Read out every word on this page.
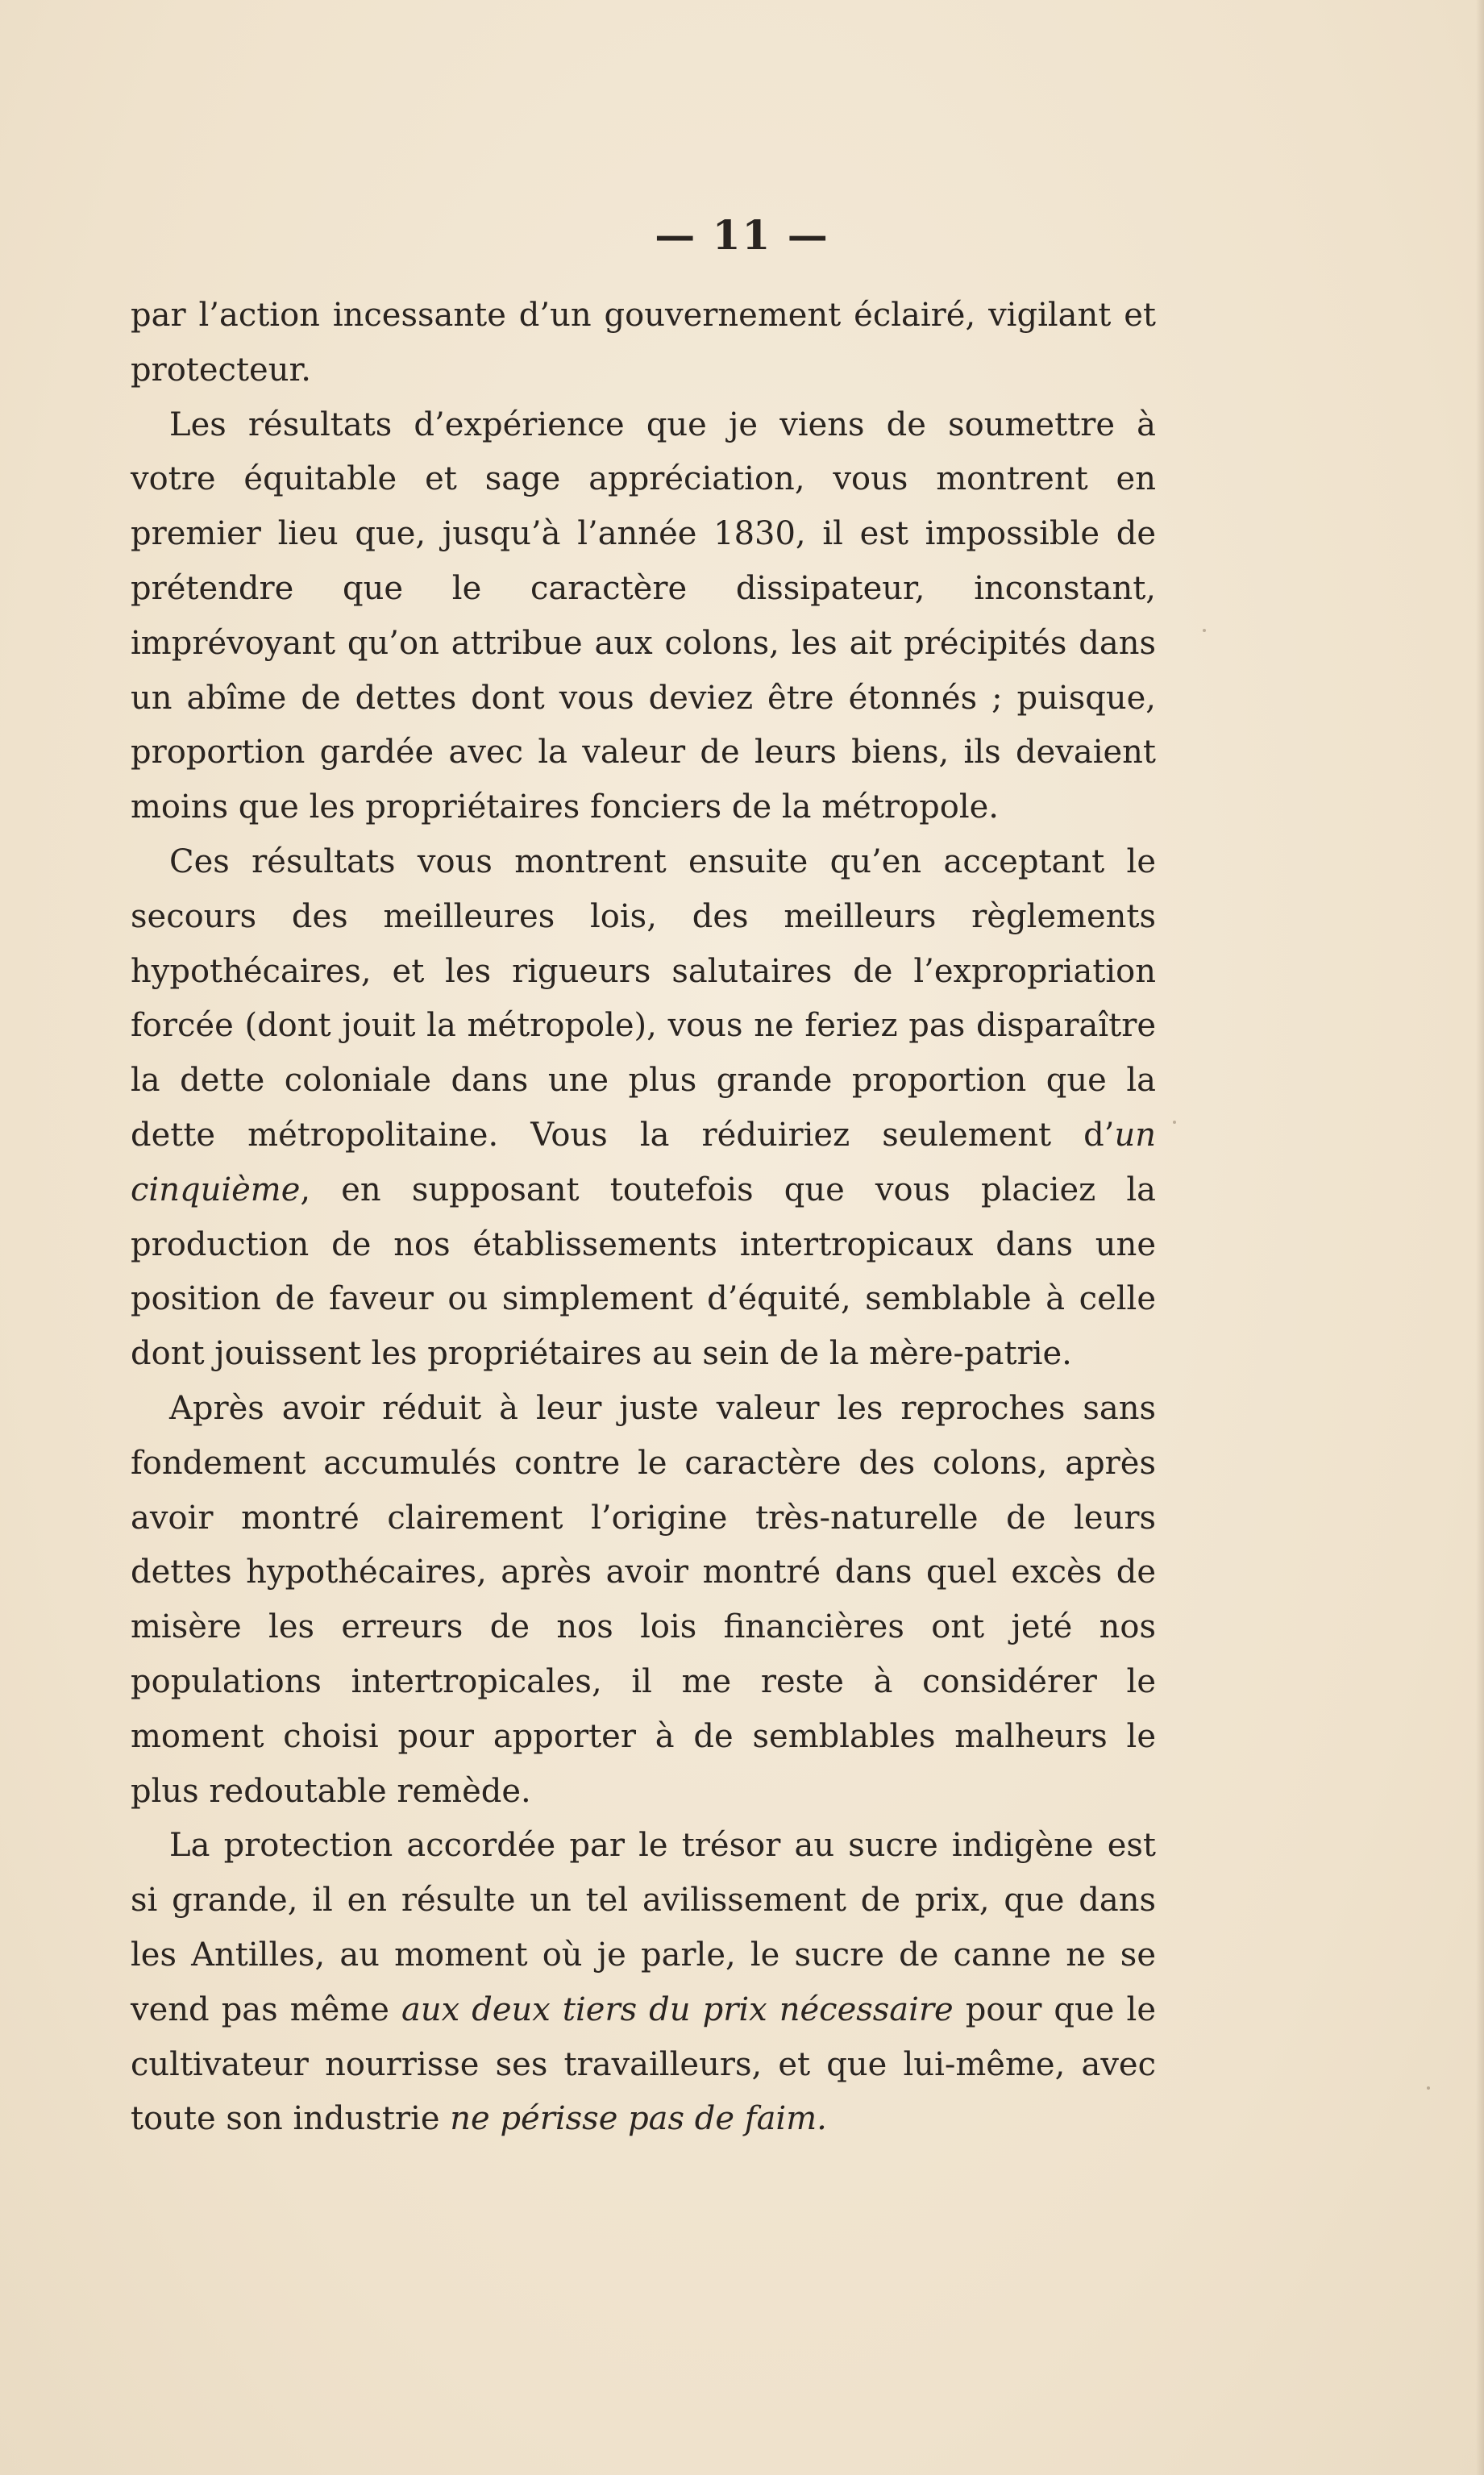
— 11 —

par l’action incessante d’un gouvernement éclairé, vigilant et protecteur.

Les résultats d’expérience que je viens de soumettre à votre équitable et sage appréciation, vous montrent en premier lieu que, jusqu’à l’année 1830, il est impossible de prétendre que le caractère dissipateur, inconstant, imprévoyant qu’on attribue aux colons, les ait précipités dans un abîme de dettes dont vous deviez être étonnés ; puisque, proportion gardée avec la valeur de leurs biens, ils devaient moins que les propriétaires fonciers de la métropole.

Ces résultats vous montrent ensuite qu’en acceptant le secours des meilleures lois, des meilleurs règlements hypothécaires, et les rigueurs salutaires de l’expropriation forcée (dont jouit la métropole), vous ne feriez pas disparaître la dette coloniale dans une plus grande proportion que la dette métropolitaine. Vous la réduiriez seulement d’un cinquième, en supposant toutefois que vous placiez la production de nos établissements intertropicaux dans une position de faveur ou simplement d’équité, semblable à celle dont jouissent les propriétaires au sein de la mère-patrie.

Après avoir réduit à leur juste valeur les reproches sans fondement accumulés contre le caractère des colons, après avoir montré clairement l’origine très-naturelle de leurs dettes hypothécaires, après avoir montré dans quel excès de misère les erreurs de nos lois financières ont jeté nos populations intertropicales, il me reste à considérer le moment choisi pour apporter à de semblables malheurs le plus redoutable remède.

La protection accordée par le trésor au sucre indigène est si grande, il en résulte un tel avilissement de prix, que dans les Antilles, au moment où je parle, le sucre de canne ne se vend pas même aux deux tiers du prix nécessaire pour que le cultivateur nourrisse ses travailleurs, et que lui-même, avec toute son industrie ne périsse pas de faim.
